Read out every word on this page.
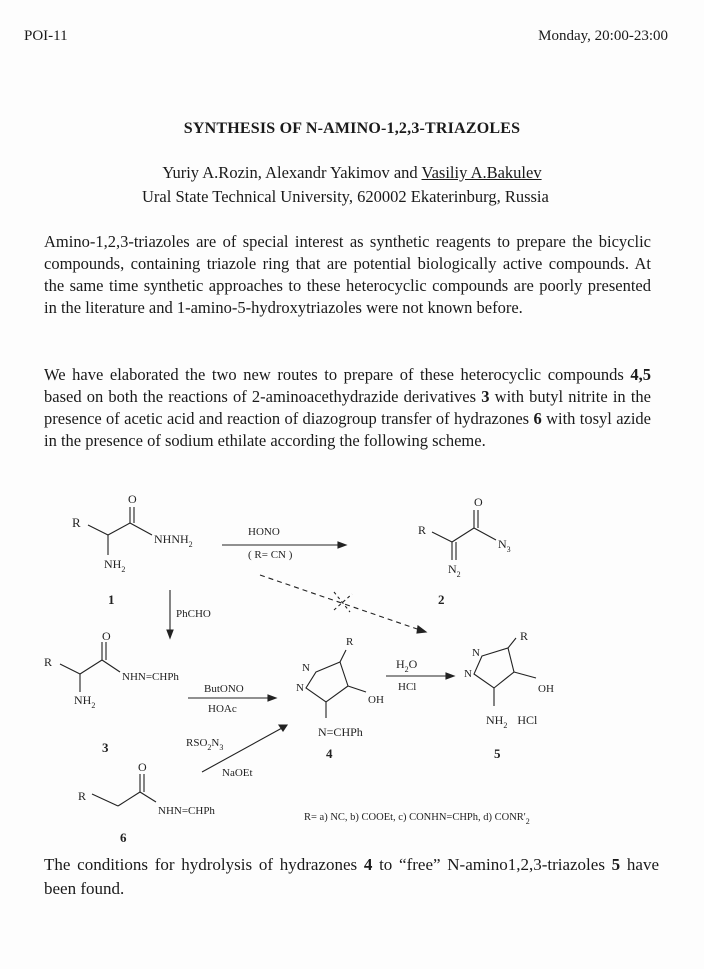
POI-11	Monday, 20:00-23:00
SYNTHESIS OF N-AMINO-1,2,3-TRIAZOLES
Yuriy A.Rozin, Alexandr Yakimov and Vasiliy A.Bakulev
Ural State Technical University, 620002 Ekaterinburg, Russia
Amino-1,2,3-triazoles are of special interest as synthetic reagents to prepare the bicyclic compounds, containing triazole ring that are potential biologically active compounds. At the same time synthetic approaches to these heterocyclic compounds are poorly presented in the literature and 1-amino-5-hydroxytriazoles were not known before.
We have elaborated the two new routes to prepare of these heterocyclic compounds 4,5 based on both the reactions of 2-aminoacethydrazide derivatives 3 with butyl nitrite in the presence of acetic acid and reaction of diazogroup transfer of hydrazones 6 with tosyl azide in the presence of sodium ethilate according the following scheme.
R
O
$NHNH_2$
$NH_2$
1
HONO
( R= CN )
R
O
$N_3$
$N_2$
2
PhCHO
R
O
NHN=CHPh
$NH_2$
3
ButONO
HOAc
R
N
N
OH
N=CHPh
4
$H_2O$
HCl
R
N
N
OH
$NH_2$ HCl
5
$RSO_2N_3$
NaOEt
R
O
NHN=CHPh
6
R= a) NC, b) COOEt, c) CONHN=CHPh, d) $CONR'_2$
The conditions for hydrolysis of hydrazones 4 to “free” N-amino1,2,3-triazoles 5 have been found.
